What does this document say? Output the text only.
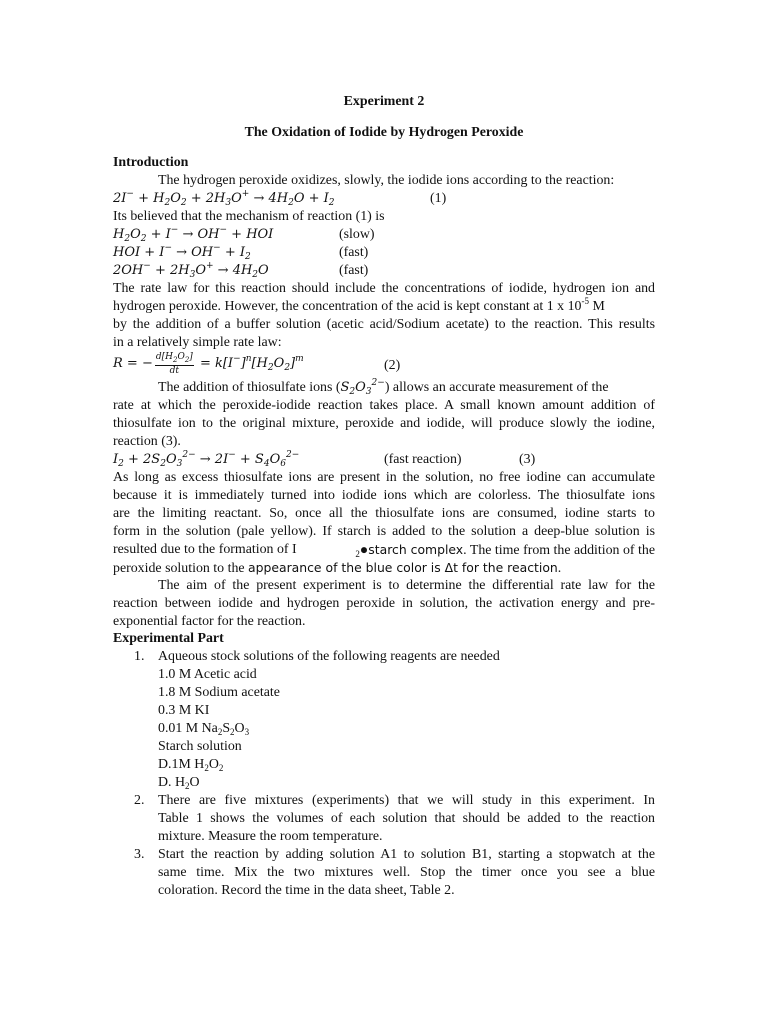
Experiment 2
The Oxidation of Iodide by Hydrogen Peroxide
Introduction
The hydrogen peroxide oxidizes, slowly, the iodide ions according to the reaction:
$2I^- + H_2O_2 + 2H_3O^+ \to 4H_2O + I_2$	(1)
Its believed that the mechanism of reaction (1) is
$H_2O_2 + I^- \to OH^-$ + HOI	(slow)
HOI + $I^- \to OH^- + I_2$	(fast)
$2OH^- + 2H_3O^+ \to 4H_2O$	(fast)
The rate law for this reaction should include the concentrations of iodide, hydrogen ion and
hydrogen peroxide. However, the concentration of the acid is kept constant at 1 x $10^{-5}$ M
by the addition of a buffer solution (acetic acid/Sodium acetate) to the reaction. This results
in a relatively simple rate law:
R = − $\frac{d[H_2O_2]}{dt} = k[I^-]^n[H_2O_2]^m$	(2)
The addition of thiosulfate ions $(S_2O_3^{2-})$ allows an accurate measurement of the
rate at which the peroxide-iodide reaction takes place. A small known amount addition of
thiosulfate ion to the original mixture, peroxide and iodide, will produce slowly the iodine,
reaction (3).
$I_2 + 2S_2O_3^{2-} \to 2I^- + S_4O_6^{2-}$	(fast reaction)	(3)
As long as excess thiosulfate ions are present in the solution, no free iodine can accumulate
because it is immediately turned into iodide ions which are colorless. The thiosulfate ions
are the limiting reactant. So, once all the thiosulfate ions are consumed, iodine starts to
form in the solution (pale yellow). If starch is added to the solution a deep-blue solution is
resulted due to the formation of I	$_2$●starch complex. The time from the addition of the
peroxide solution to the appearance of the blue color is Δt for the reaction.
The aim of the present experiment is to determine the differential rate law for the
reaction between iodide and hydrogen peroxide in solution, the activation energy and pre-
exponential factor for the reaction.
Experimental Part
1. Aqueous stock solutions of the following reagents are needed
1.0 M Acetic acid
1.8 M Sodium acetate
0.3 M KI
0.01 M $Na_2S_2O_3$
Starch solution
D.1M $H_2O_2$
D. $H_2O$
2. There are five mixtures (experiments) that we will study in this experiment. In
Table 1 shows the volumes of each solution that should be added to the reaction
mixture. Measure the room temperature.
3. Start the reaction by adding solution A1 to solution B1, starting a stopwatch at the
same time. Mix the two mixtures well. Stop the timer once you see a blue
coloration. Record the time in the data sheet, Table 2.
